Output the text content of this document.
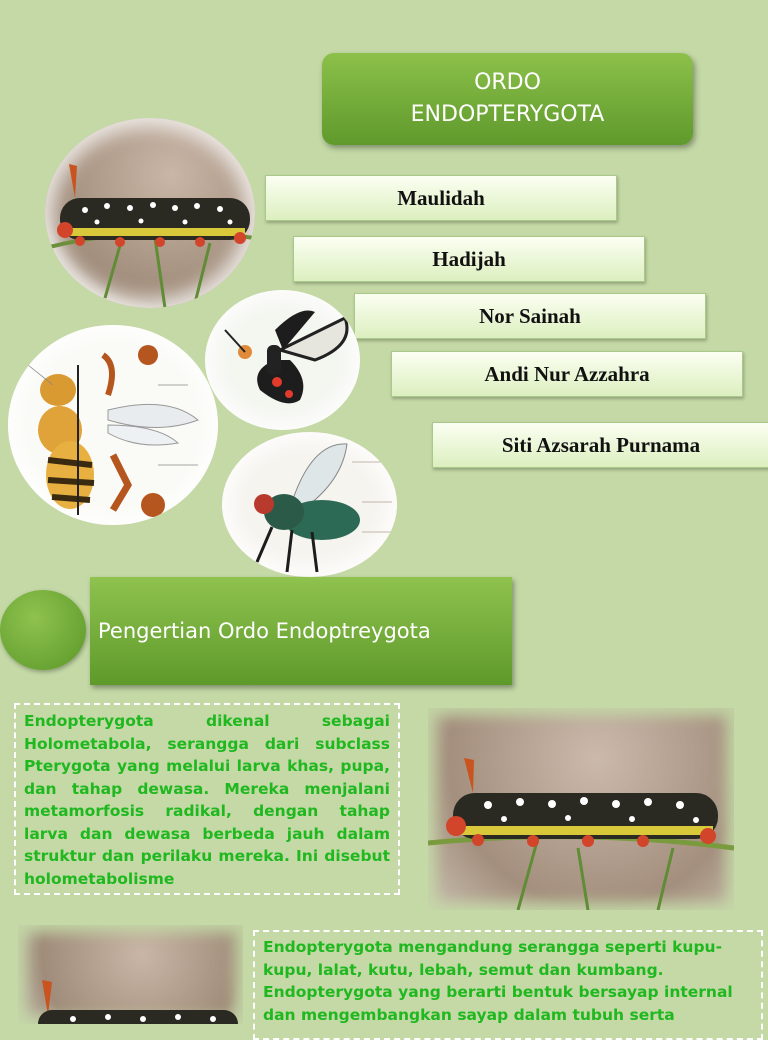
ORDO
ENDOPTERYGOTA
Maulidah
Hadijah
Nor Sainah
Andi Nur Azzahra
Siti Azsarah Purnama
Pengertian Ordo Endoptreygota
Endopterygota dikenal sebagai Holometabola, serangga dari subclass Pterygota yang melalui larva khas, pupa, dan tahap dewasa. Mereka menjalani metamorfosis radikal, dengan tahap larva dan dewasa berbeda jauh dalam struktur dan perilaku mereka. Ini disebut holometabolisme
Endopterygota mengandung serangga seperti kupu-kupu, lalat, kutu, lebah, semut dan kumbang. Endopterygota yang berarti bentuk bersayap internal dan mengembangkan sayap dalam tubuh serta
